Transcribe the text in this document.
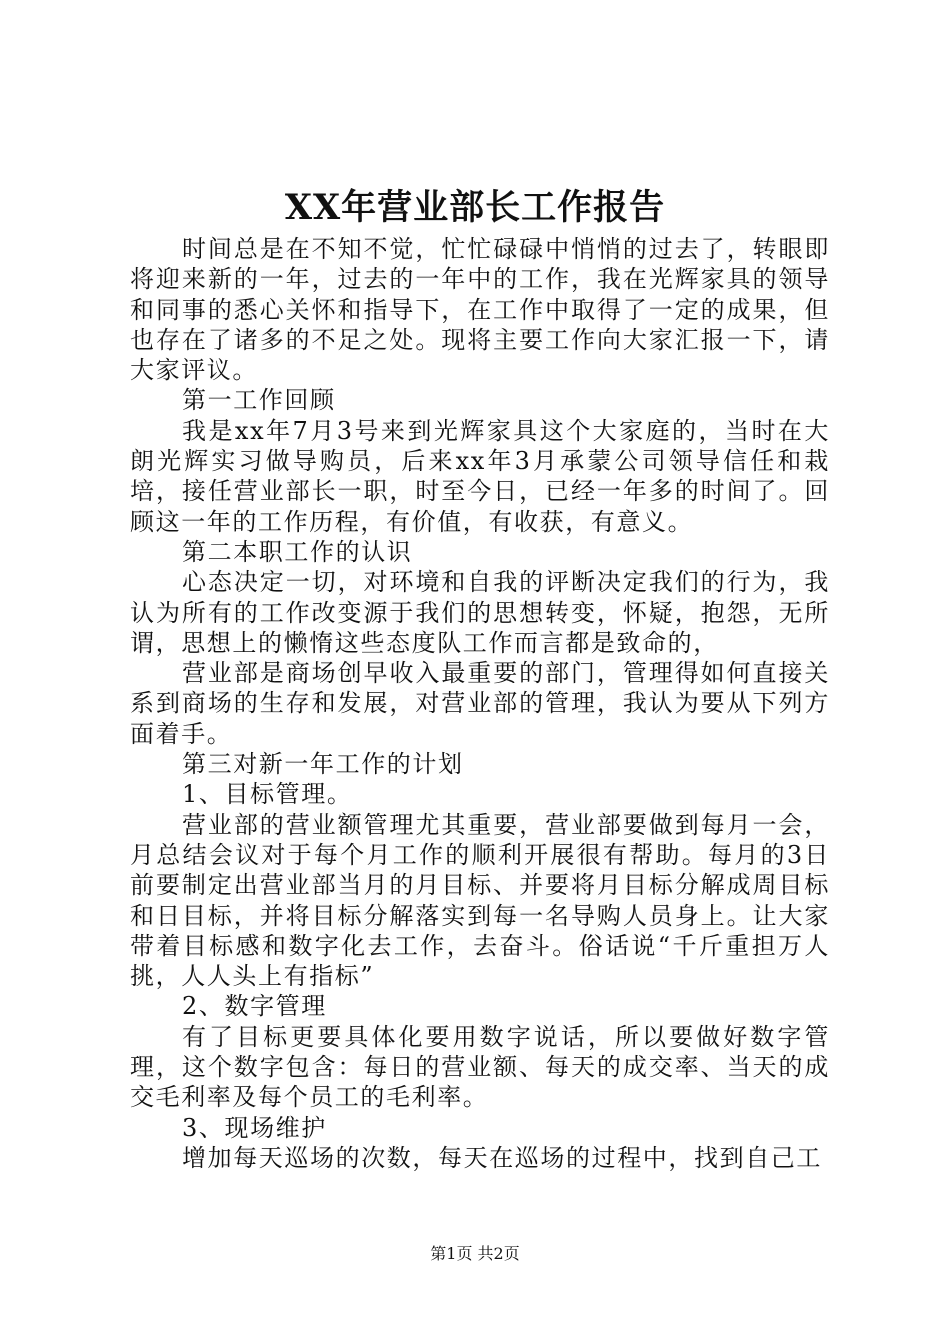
XX年营业部长工作报告

时间总是在不知不觉，忙忙碌碌中悄悄的过去了，转眼即将迎来新的一年，过去的一年中的工作，我在光辉家具的领导和同事的悉心关怀和指导下，在工作中取得了一定的成果，但也存在了诸多的不足之处。现将主要工作向大家汇报一下，请大家评议。

第一工作回顾

我是xx年7月3号来到光辉家具这个大家庭的，当时在大朗光辉实习做导购员，后来xx年3月承蒙公司领导信任和栽培，接任营业部长一职，时至今日，已经一年多的时间了。回顾这一年的工作历程，有价值，有收获，有意义。

第二本职工作的认识

心态决定一切，对环境和自我的评断决定我们的行为，我认为所有的工作改变源于我们的思想转变，怀疑，抱怨，无所谓，思想上的懒惰这些态度队工作而言都是致命的，

营业部是商场创早收入最重要的部门，管理得如何直接关系到商场的生存和发展，对营业部的管理，我认为要从下列方面着手。

第三对新一年工作的计划

1、目标管理。

营业部的营业额管理尤其重要，营业部要做到每月一会，月总结会议对于每个月工作的顺利开展很有帮助。每月的3日前要制定出营业部当月的月目标、并要将月目标分解成周目标和日目标，并将目标分解落实到每一名导购人员身上。让大家带着目标感和数字化去工作，去奋斗。俗话说“千斤重担万人挑，人人头上有指标”

2、数字管理

有了目标更要具体化要用数字说话，所以要做好数字管理，这个数字包含：每日的营业额、每天的成交率、当天的成交毛利率及每个员工的毛利率。

3、现场维护

增加每天巡场的次数，每天在巡场的过程中，找到自己工

第1页 共2页
